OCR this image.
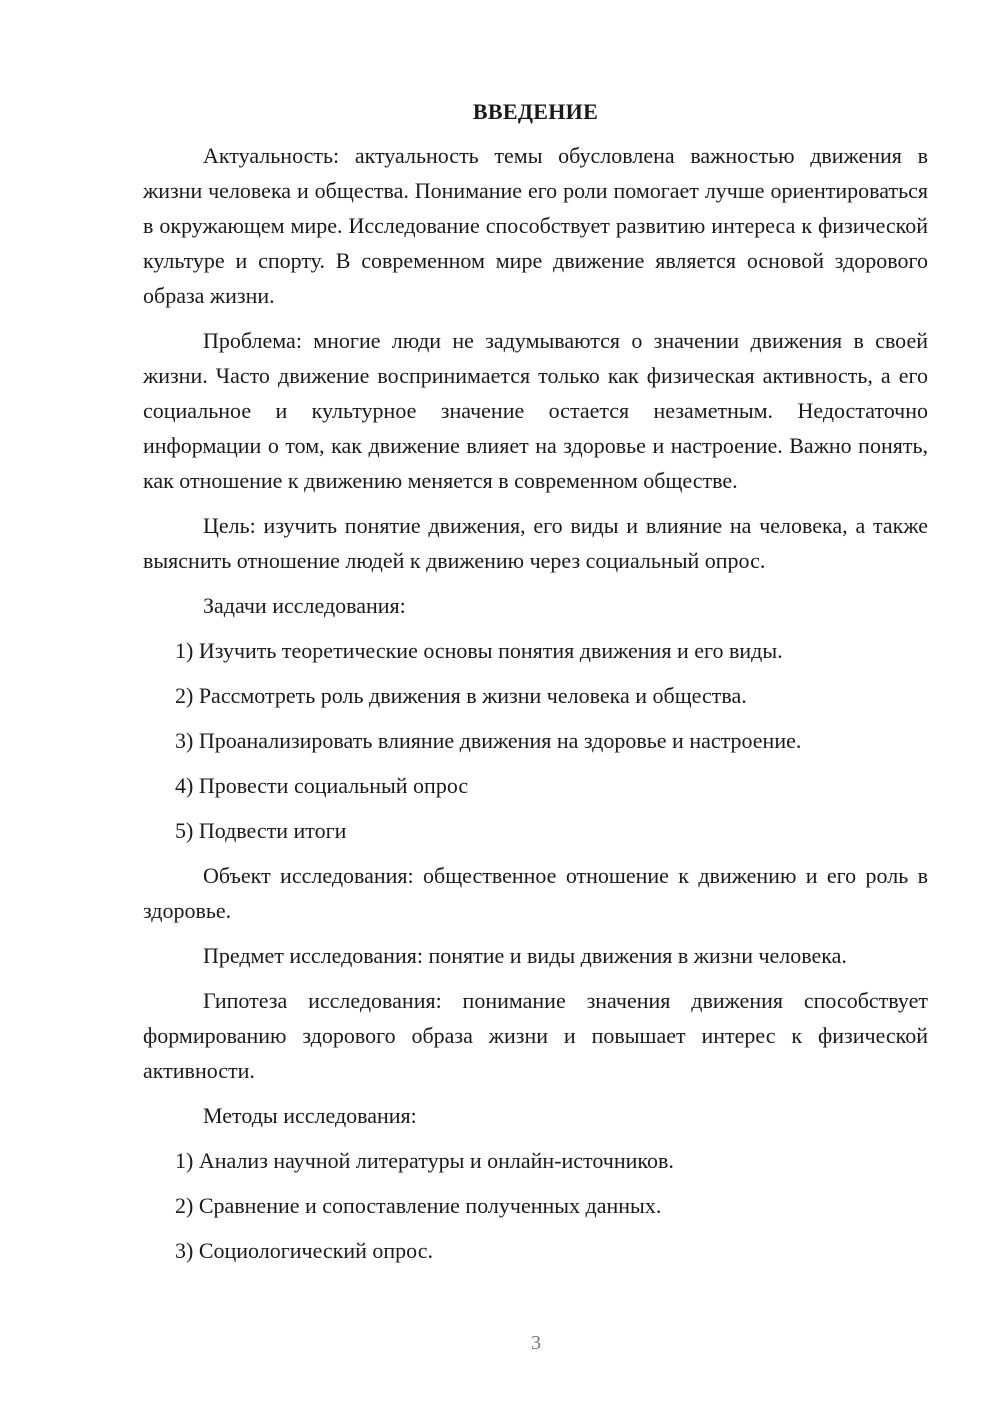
ВВЕДЕНИЕ

Актуальность: актуальность темы обусловлена важностью движения в жизни человека и общества. Понимание его роли помогает лучше ориентироваться в окружающем мире. Исследование способствует развитию интереса к физической культуре и спорту. В современном мире движение является основой здорового образа жизни.

Проблема: многие люди не задумываются о значении движения в своей жизни. Часто движение воспринимается только как физическая активность, а его социальное и культурное значение остается незаметным. Недостаточно информации о том, как движение влияет на здоровье и настроение. Важно понять, как отношение к движению меняется в современном обществе.

Цель: изучить понятие движения, его виды и влияние на человека, а также выяснить отношение людей к движению через социальный опрос.

Задачи исследования:

1) Изучить теоретические основы понятия движения и его виды.
2) Рассмотреть роль движения в жизни человека и общества.
3) Проанализировать влияние движения на здоровье и настроение.
4) Провести социальный опрос
5) Подвести итоги

Объект исследования: общественное отношение к движению и его роль в здоровье.

Предмет исследования: понятие и виды движения в жизни человека.

Гипотеза исследования: понимание значения движения способствует формированию здорового образа жизни и повышает интерес к физической активности.

Методы исследования:

1) Анализ научной литературы и онлайн-источников.
2) Сравнение и сопоставление полученных данных.
3) Социологический опрос.
3
